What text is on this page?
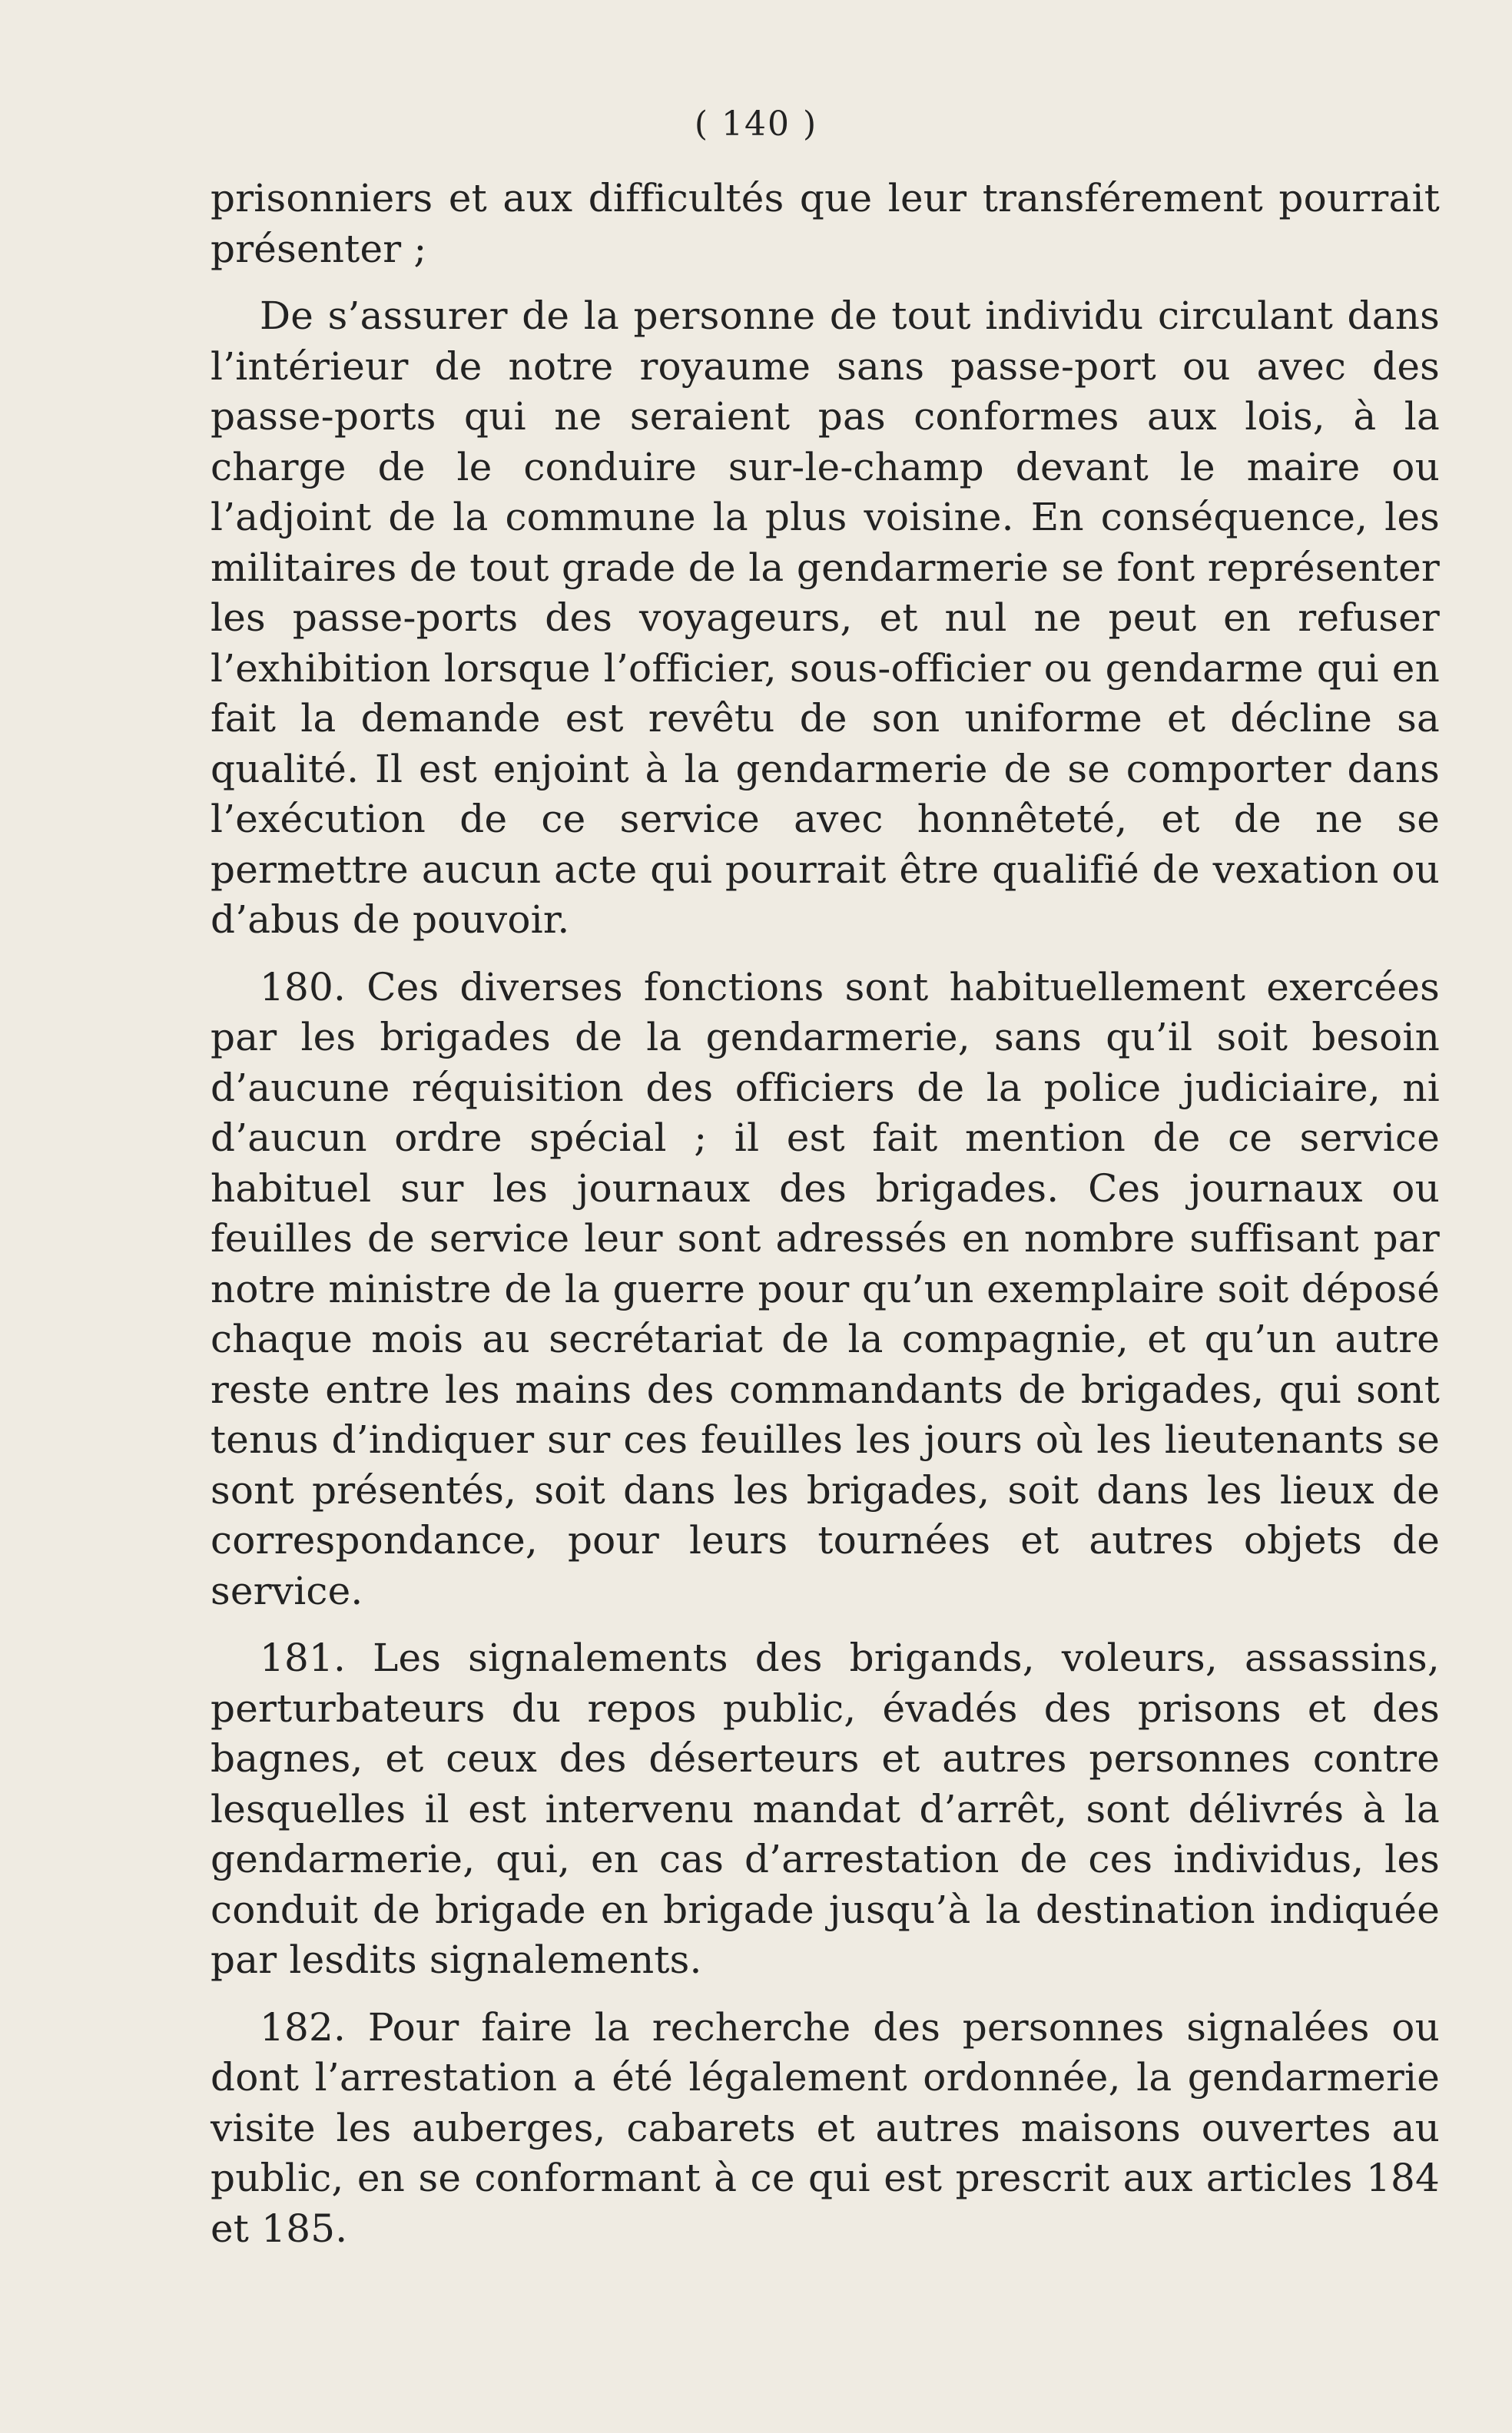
( 140 )

prisonniers et aux difficultés que leur transférement pourrait présenter ;

De s’assurer de la personne de tout individu circulant dans l’intérieur de notre royaume sans passe-port ou avec des passe-ports qui ne seraient pas conformes aux lois, à la charge de le conduire sur-le-champ devant le maire ou l’adjoint de la commune la plus voisine. En conséquence, les militaires de tout grade de la gendarmerie se font représenter les passe-ports des voyageurs, et nul ne peut en refuser l’exhibition lorsque l’officier, sous-officier ou gendarme qui en fait la demande est revêtu de son uniforme et décline sa qualité. Il est enjoint à la gendarmerie de se comporter dans l’exécution de ce service avec honnêteté, et de ne se permettre aucun acte qui pourrait être qualifié de vexation ou d’abus de pouvoir.

180. Ces diverses fonctions sont habituellement exercées par les brigades de la gendarmerie, sans qu’il soit besoin d’aucune réquisition des officiers de la police judiciaire, ni d’aucun ordre spécial ; il est fait mention de ce service habituel sur les journaux des brigades. Ces journaux ou feuilles de service leur sont adressés en nombre suffisant par notre ministre de la guerre pour qu’un exemplaire soit déposé chaque mois au secrétariat de la compagnie, et qu’un autre reste entre les mains des commandants de brigades, qui sont tenus d’indiquer sur ces feuilles les jours où les lieutenants se sont présentés, soit dans les brigades, soit dans les lieux de correspondance, pour leurs tournées et autres objets de service.

181. Les signalements des brigands, voleurs, assassins, perturbateurs du repos public, évadés des prisons et des bagnes, et ceux des déserteurs et autres personnes contre lesquelles il est intervenu mandat d’arrêt, sont délivrés à la gendarmerie, qui, en cas d’arrestation de ces individus, les conduit de brigade en brigade jusqu’à la destination indiquée par lesdits signalements.

182. Pour faire la recherche des personnes signalées ou dont l’arrestation a été légalement ordonnée, la gendarmerie visite les auberges, cabarets et autres maisons ouvertes au public, en se conformant à ce qui est prescrit aux articles 184 et 185.
